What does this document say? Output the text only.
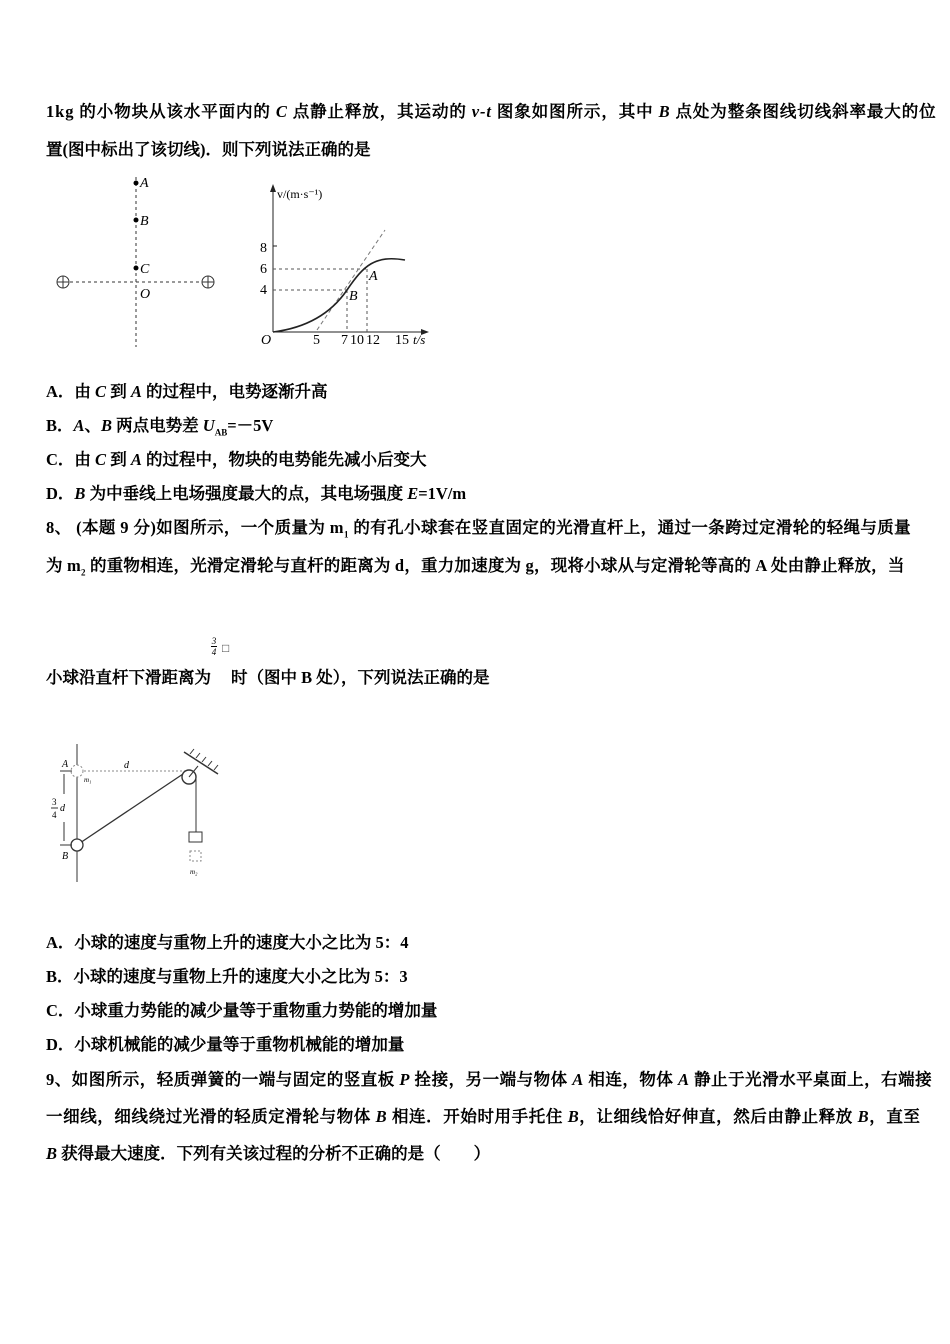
1kg 的小物块从该水平面内的 C 点静止释放，其运动的 v-t 图象如图所示，其中 B 点处为整条图线切线斜率最大的位
置(图中标出了该切线)．则下列说法正确的是
A
B
C
O
v/(m·s⁻¹)
t/s
8
6
4
O	5 7 10 12 15
A
B
A．由 C 到 A 的过程中，电势逐渐升高
B．A、B 两点电势差 $U_{AB}=-5V$
C．由 C 到 A 的过程中，物块的电势能先减小后变大
D．B 为中垂线上电场强度最大的点，其电场强度 E=1V/m
8、 (本题 9 分)如图所示，一个质量为 $m_1$ 的有孔小球套在竖直固定的光滑直杆上，通过一条跨过定滑轮的轻绳与质量
为 $m_2$ 的重物相连，光滑定滑轮与直杆的距离为 d，重力加速度为 g，现将小球从与定滑轮等高的 A 处由静止释放，当
3
4 □
小球沿直杆下滑距离为 时（图中 B 处），下列说法正确的是
A
B
d
m₁
m₂
3
4
d
A．小球的速度与重物上升的速度大小之比为 5：4
B．小球的速度与重物上升的速度大小之比为 5：3
C．小球重力势能的减少量等于重物重力势能的增加量
D．小球机械能的减少量等于重物机械能的增加量
9、如图所示，轻质弹簧的一端与固定的竖直板 P 拴接，另一端与物体 A 相连，物体 A 静止于光滑水平桌面上，右端接
一细线，细线绕过光滑的轻质定滑轮与物体 B 相连．开始时用手托住 B，让细线恰好伸直，然后由静止释放 B，直至
B 获得最大速度．下列有关该过程的分析不正确的是（　　）
